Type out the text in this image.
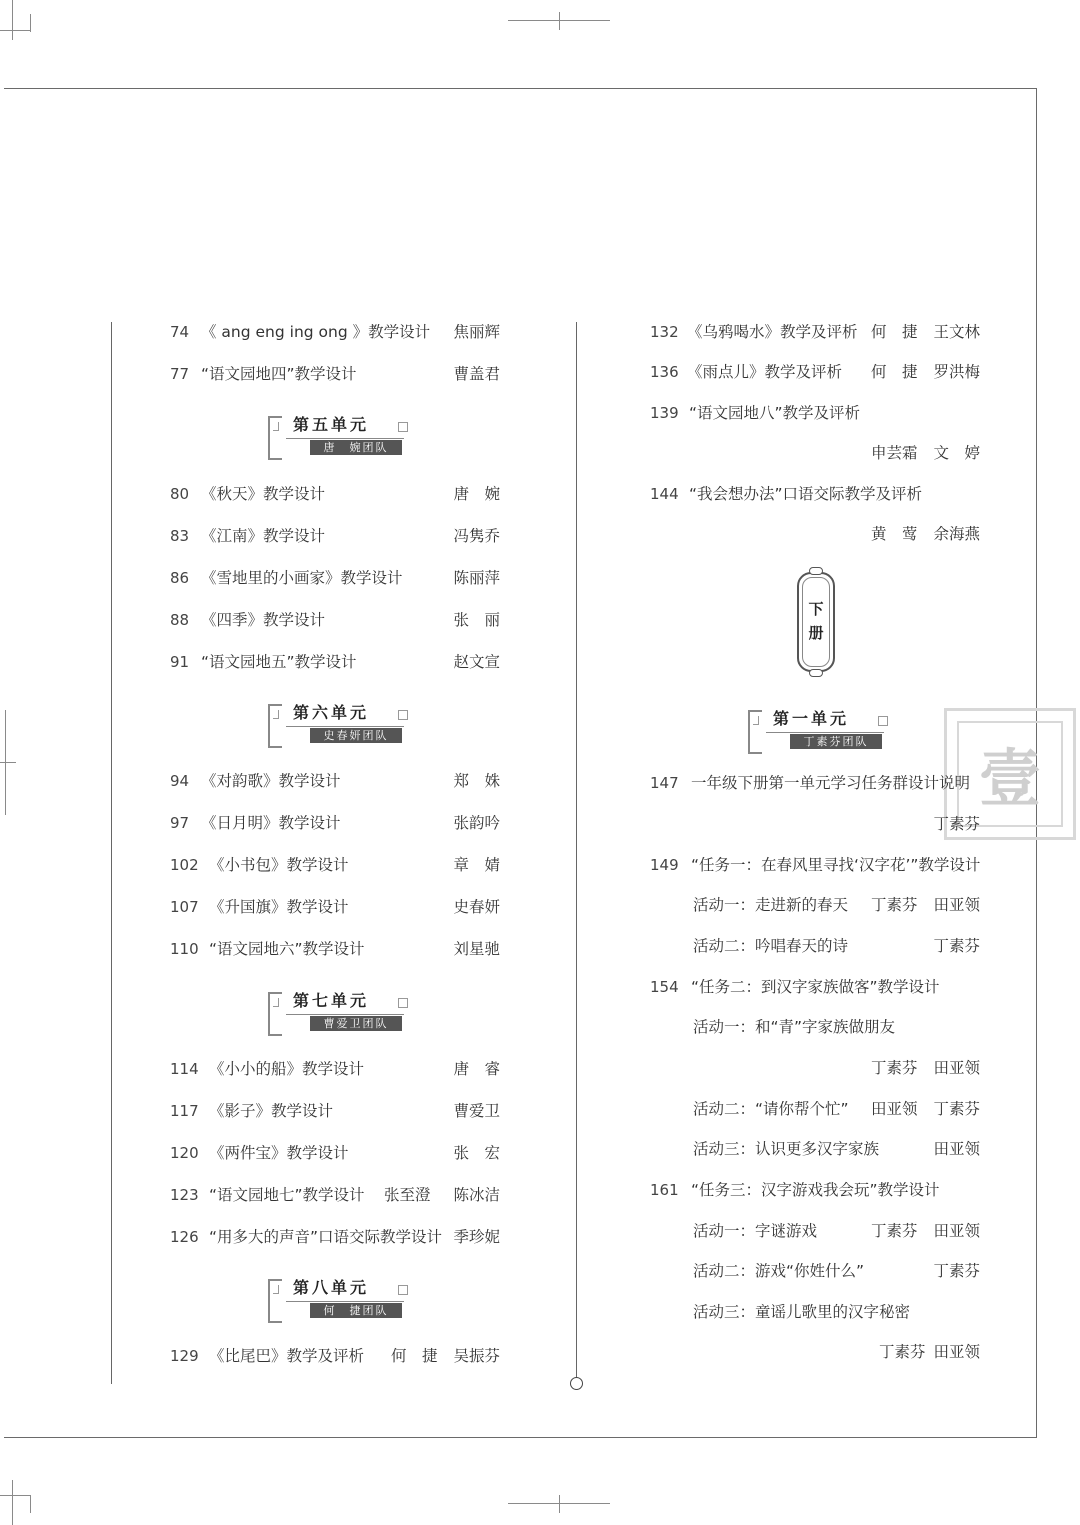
壹
74 《 ang eng ing ong 》教学设计 焦丽辉
77 “语文园地四”教学设计	曹盖君
第五单元
唐　婉团队
80 《秋天》教学设计	唐　婉
83 《江南》教学设计	冯隽乔
86 《雪地里的小画家》教学设计	陈丽萍
88 《四季》教学设计	张　丽
91 “语文园地五”教学设计	赵文宣
第六单元
史春妍团队
94 《对韵歌》教学设计	郑　姝
97 《日月明》教学设计	张韵吟
102 《小书包》教学设计	章　婧
107 《升国旗》教学设计	史春妍
110 “语文园地六”教学设计	刘星驰
第七单元
曹爱卫团队
114 《小小的船》教学设计	唐　睿
117 《影子》教学设计	曹爱卫
120 《两件宝》教学设计	张　宏
123 “语文园地七”教学设计 张至澄 陈冰洁
126 “用多大的声音”口语交际教学设计 季珍妮
第八单元
何　捷团队
129 《比尾巴》教学及评析 何　捷 吴振芬
132 《乌鸦喝水》教学及评析 何　捷 王文林
136 《雨点儿》教学及评析 何　捷 罗洪梅
139 “语文园地八”教学及评析
申芸霜 文　婷
144 “我会想办法”口语交际教学及评析
黄　莺 余海燕
下
册
第一单元
丁素芬团队
147 一年级下册第一单元学习任务群设计说明
丁素芬
149 “任务一：在春风里寻找‘汉字花’”教学设计
活动一：走进新的春天 丁素芬 田亚领
活动二：吟唱春天的诗	丁素芬
154 “任务二：到汉字家族做客”教学设计
活动一：和“青”字家族做朋友
丁素芬 田亚领
活动二：“请你帮个忙” 田亚领 丁素芬
活动三：认识更多汉字家族	田亚领
161 “任务三：汉字游戏我会玩”教学设计
活动一：字谜游戏	丁素芬 田亚领
活动二：游戏“你姓什么”	丁素芬
活动三：童谣儿歌里的汉字秘密
丁素芬 田亚领
